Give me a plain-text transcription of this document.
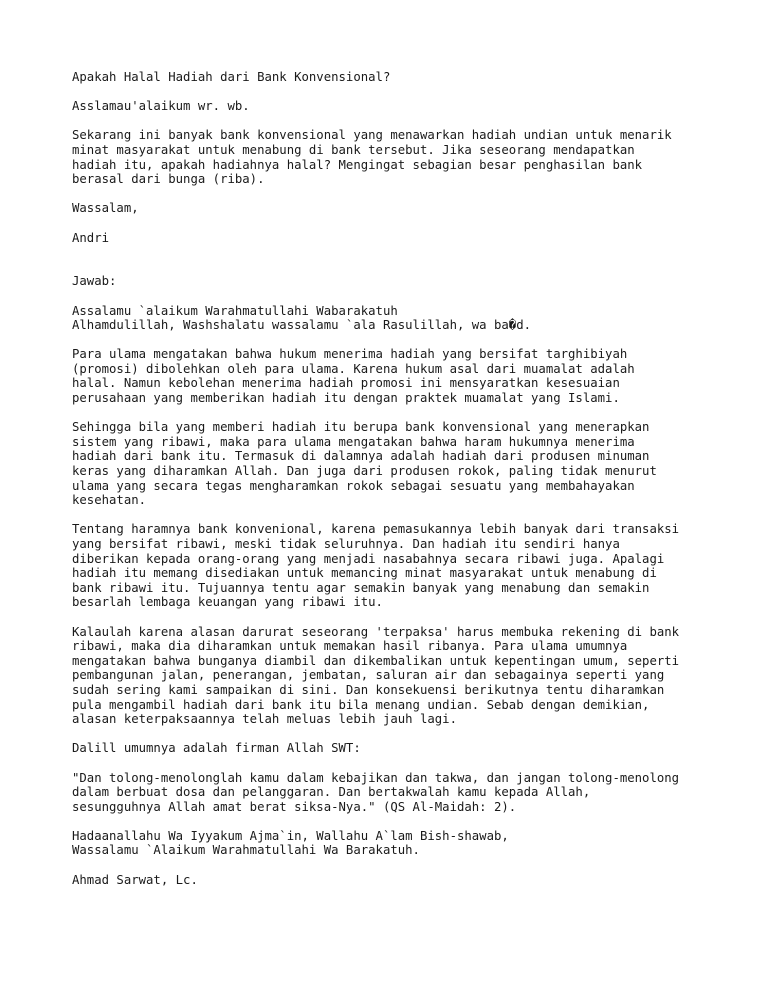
Apakah Halal Hadiah dari Bank Konvensional?

Asslamau'alaikum wr. wb.

Sekarang ini banyak bank konvensional yang menawarkan hadiah undian untuk menarik
minat masyarakat untuk menabung di bank tersebut. Jika seseorang mendapatkan
hadiah itu, apakah hadiahnya halal? Mengingat sebagian besar penghasilan bank
berasal dari bunga (riba).

Wassalam,

Andri

Jawab:

Assalamu `alaikum Warahmatullahi Wabarakatuh
Alhamdulillah, Washshalatu wassalamu `ala Rasulillah, wa ba�d.

Para ulama mengatakan bahwa hukum menerima hadiah yang bersifat targhibiyah
(promosi) dibolehkan oleh para ulama. Karena hukum asal dari muamalat adalah
halal. Namun kebolehan menerima hadiah promosi ini mensyaratkan kesesuaian
perusahaan yang memberikan hadiah itu dengan praktek muamalat yang Islami.

Sehingga bila yang memberi hadiah itu berupa bank konvensional yang menerapkan
sistem yang ribawi, maka para ulama mengatakan bahwa haram hukumnya menerima
hadiah dari bank itu. Termasuk di dalamnya adalah hadiah dari produsen minuman
keras yang diharamkan Allah. Dan juga dari produsen rokok, paling tidak menurut
ulama yang secara tegas mengharamkan rokok sebagai sesuatu yang membahayakan
kesehatan.

Tentang haramnya bank konvenional, karena pemasukannya lebih banyak dari transaksi
yang bersifat ribawi, meski tidak seluruhnya. Dan hadiah itu sendiri hanya
diberikan kepada orang-orang yang menjadi nasabahnya secara ribawi juga. Apalagi
hadiah itu memang disediakan untuk memancing minat masyarakat untuk menabung di
bank ribawi itu. Tujuannya tentu agar semakin banyak yang menabung dan semakin
besarlah lembaga keuangan yang ribawi itu.

Kalaulah karena alasan darurat seseorang 'terpaksa' harus membuka rekening di bank
ribawi, maka dia diharamkan untuk memakan hasil ribanya. Para ulama umumnya
mengatakan bahwa bunganya diambil dan dikembalikan untuk kepentingan umum, seperti
pembangunan jalan, penerangan, jembatan, saluran air dan sebagainya seperti yang
sudah sering kami sampaikan di sini. Dan konsekuensi berikutnya tentu diharamkan
pula mengambil hadiah dari bank itu bila menang undian. Sebab dengan demikian,
alasan keterpaksaannya telah meluas lebih jauh lagi.

Dalill umumnya adalah firman Allah SWT:

"Dan tolong-menolonglah kamu dalam kebajikan dan takwa, dan jangan tolong-menolong
dalam berbuat dosa dan pelanggaran. Dan bertakwalah kamu kepada Allah,
sesungguhnya Allah amat berat siksa-Nya." (QS Al-Maidah: 2).

Hadaanallahu Wa Iyyakum Ajma`in, Wallahu A`lam Bish-shawab,
Wassalamu `Alaikum Warahmatullahi Wa Barakatuh.

Ahmad Sarwat, Lc.
